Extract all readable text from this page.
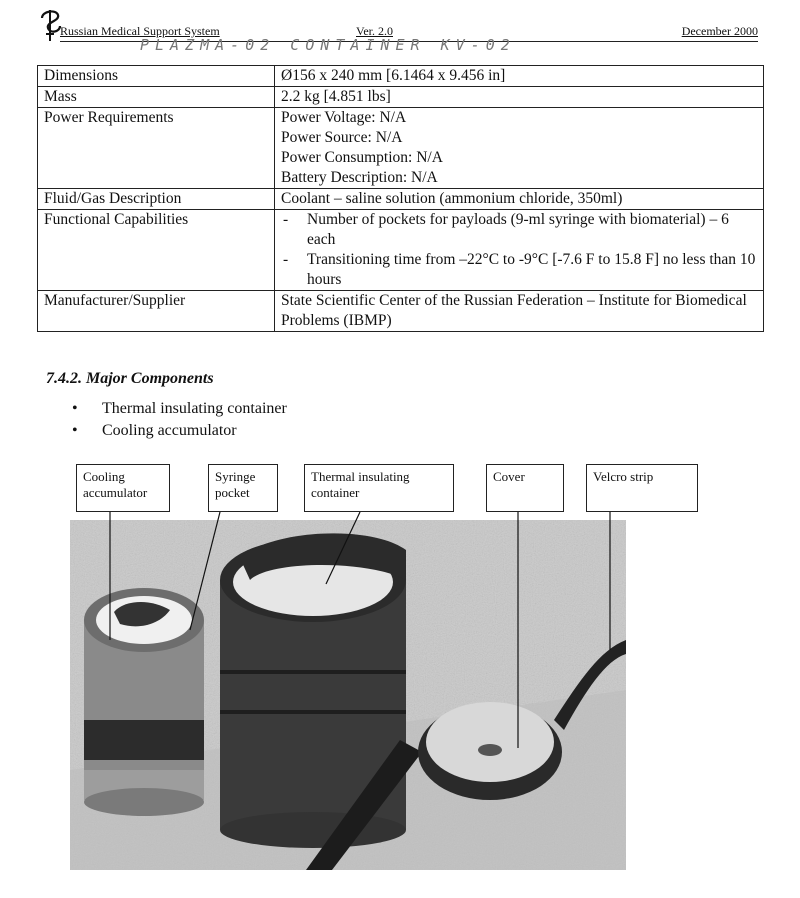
Russian Medical Support System	Ver. 2.0	December 2000
PLAZMA-02 CONTAINER KV-02
Dimensions	Ø156 x 240 mm [6.1464 x 9.456 in]
Mass	2.2 kg [4.851 lbs]
Power Requirements	Power Voltage: N/A
Power Source: N/A
Power Consumption: N/A
Battery Description: N/A

Fluid/Gas Description	Coolant – saline solution (ammonium chloride, 350ml)
Functional Capabilities	- Number of pockets for payloads (9-ml syringe with biomaterial) – 6 each
- Transitioning time from –22°C to -9°C [-7.6 F to 15.8 F] no less than 10 hours

Manufacturer/Supplier	State Scientific Center of the Russian Federation – Institute for Biomedical Problems (IBMP)
7.4.2. Major Components
• Thermal insulating container
• Cooling accumulator
Cooling accumulator
Syringe pocket
Thermal insulating container
Cover	Velcro strip
